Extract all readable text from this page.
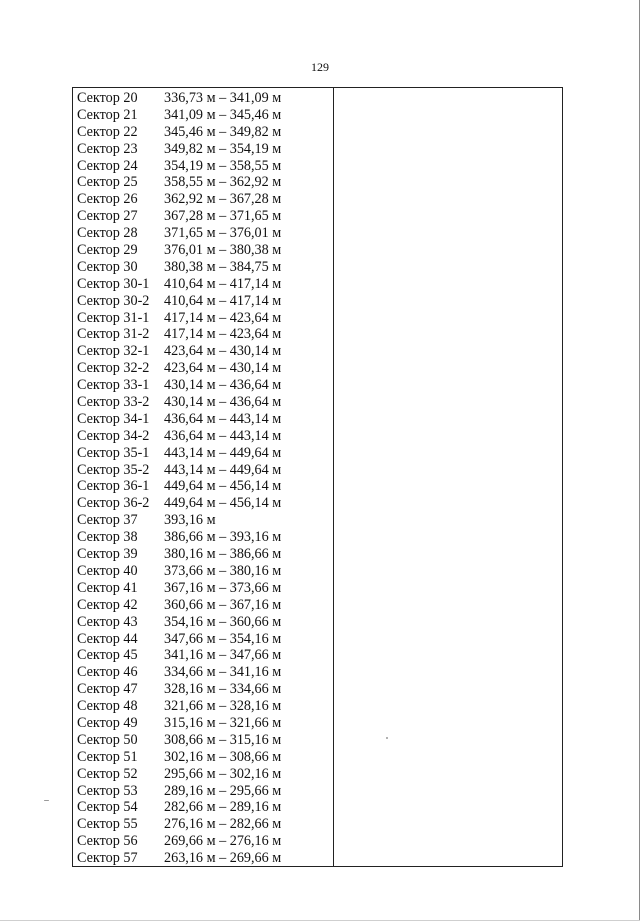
129
Сектор 20 336,73 м – 341,09 м
Сектор 21 341,09 м – 345,46 м
Сектор 22 345,46 м – 349,82 м
Сектор 23 349,82 м – 354,19 м
Сектор 24 354,19 м – 358,55 м
Сектор 25 358,55 м – 362,92 м
Сектор 26 362,92 м – 367,28 м
Сектор 27 367,28 м – 371,65 м
Сектор 28 371,65 м – 376,01 м
Сектор 29 376,01 м – 380,38 м
Сектор 30 380,38 м – 384,75 м
Сектор 30-1 410,64 м – 417,14 м
Сектор 30-2 410,64 м – 417,14 м
Сектор 31-1 417,14 м – 423,64 м
Сектор 31-2 417,14 м – 423,64 м
Сектор 32-1 423,64 м – 430,14 м
Сектор 32-2 423,64 м – 430,14 м
Сектор 33-1 430,14 м – 436,64 м
Сектор 33-2 430,14 м – 436,64 м
Сектор 34-1 436,64 м – 443,14 м
Сектор 34-2 436,64 м – 443,14 м
Сектор 35-1 443,14 м – 449,64 м
Сектор 35-2 443,14 м – 449,64 м
Сектор 36-1 449,64 м – 456,14 м
Сектор 36-2 449,64 м – 456,14 м
Сектор 37 393,16 м
Сектор 38 386,66 м – 393,16 м
Сектор 39 380,16 м – 386,66 м
Сектор 40 373,66 м – 380,16 м
Сектор 41 367,16 м – 373,66 м
Сектор 42 360,66 м – 367,16 м
Сектор 43 354,16 м – 360,66 м
Сектор 44 347,66 м – 354,16 м
Сектор 45 341,16 м – 347,66 м
Сектор 46 334,66 м – 341,16 м
Сектор 47 328,16 м – 334,66 м
Сектор 48 321,66 м – 328,16 м
Сектор 49 315,16 м – 321,66 м
Сектор 50 308,66 м – 315,16 м
Сектор 51 302,16 м – 308,66 м
Сектор 52 295,66 м – 302,16 м
Сектор 53 289,16 м – 295,66 м
Сектор 54 282,66 м – 289,16 м
Сектор 55 276,16 м – 282,66 м
Сектор 56 269,66 м – 276,16 м
Сектор 57 263,16 м – 269,66 м
